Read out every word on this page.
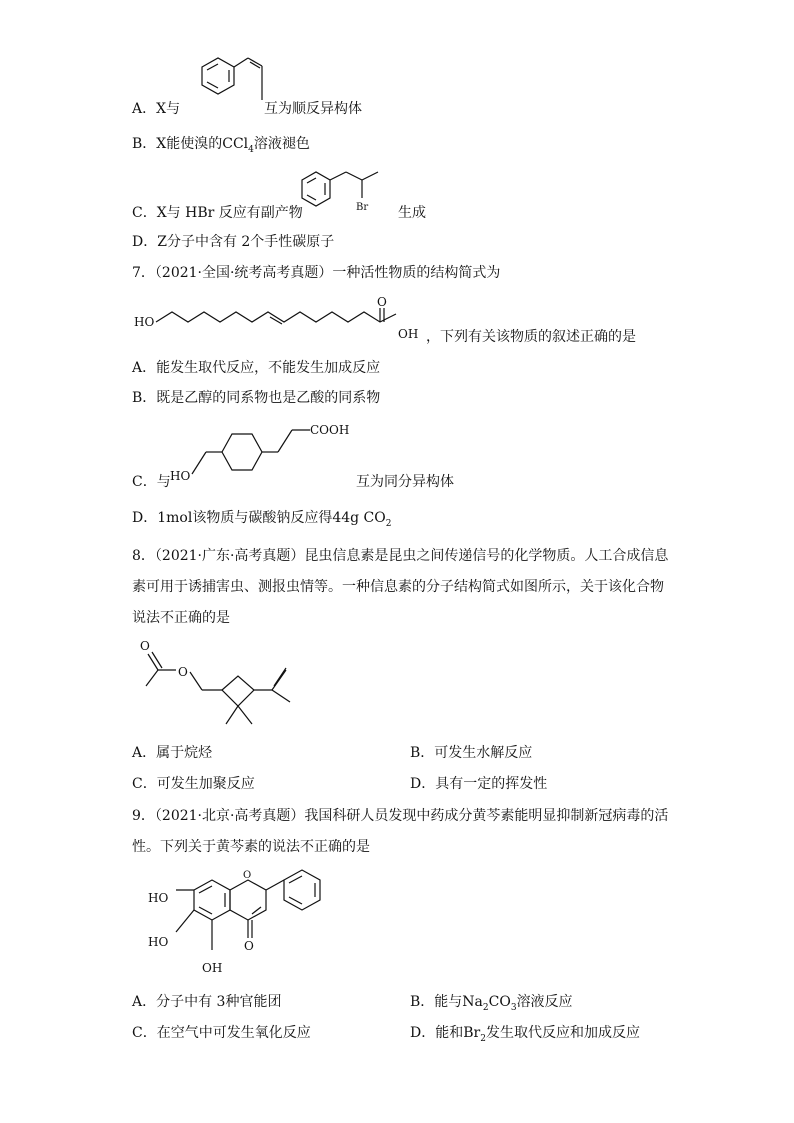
A．X与	互为顺反异构体
B．X能使溴的CCl$_4$溶液褪色
Br
C．X与 HBr 反应有副产物	生成
D．Z分子中含有 2个手性碳原子
7．（2021·全国·统考高考真题）一种活性物质的结构简式为
HO
O
OH ，下列有关该物质的叙述正确的是
A．能发生取代反应，不能发生加成反应
B．既是乙醇的同系物也是乙酸的同系物
HO
COOH
C．与	互为同分异构体
D．1mol该物质与碳酸钠反应得44g $CO_2$
8．（2021·广东·高考真题）昆虫信息素是昆虫之间传递信号的化学物质。人工合成信息
素可用于诱捕害虫、测报虫情等。一种信息素的分子结构简式如图所示，关于该化合物
说法不正确的是
O
O
A．属于烷烃	B．可发生水解反应
C．可发生加聚反应	D．具有一定的挥发性
9．（2021·北京·高考真题）我国科研人员发现中药成分黄芩素能明显抑制新冠病毒的活
性。下列关于黄芩素的说法不正确的是
O
O
HO
HO
OH
A．分子中有 3种官能团	B．能与$Na_2CO_3$溶液反应
C．在空气中可发生氧化反应	D．能和$Br_2$发生取代反应和加成反应
